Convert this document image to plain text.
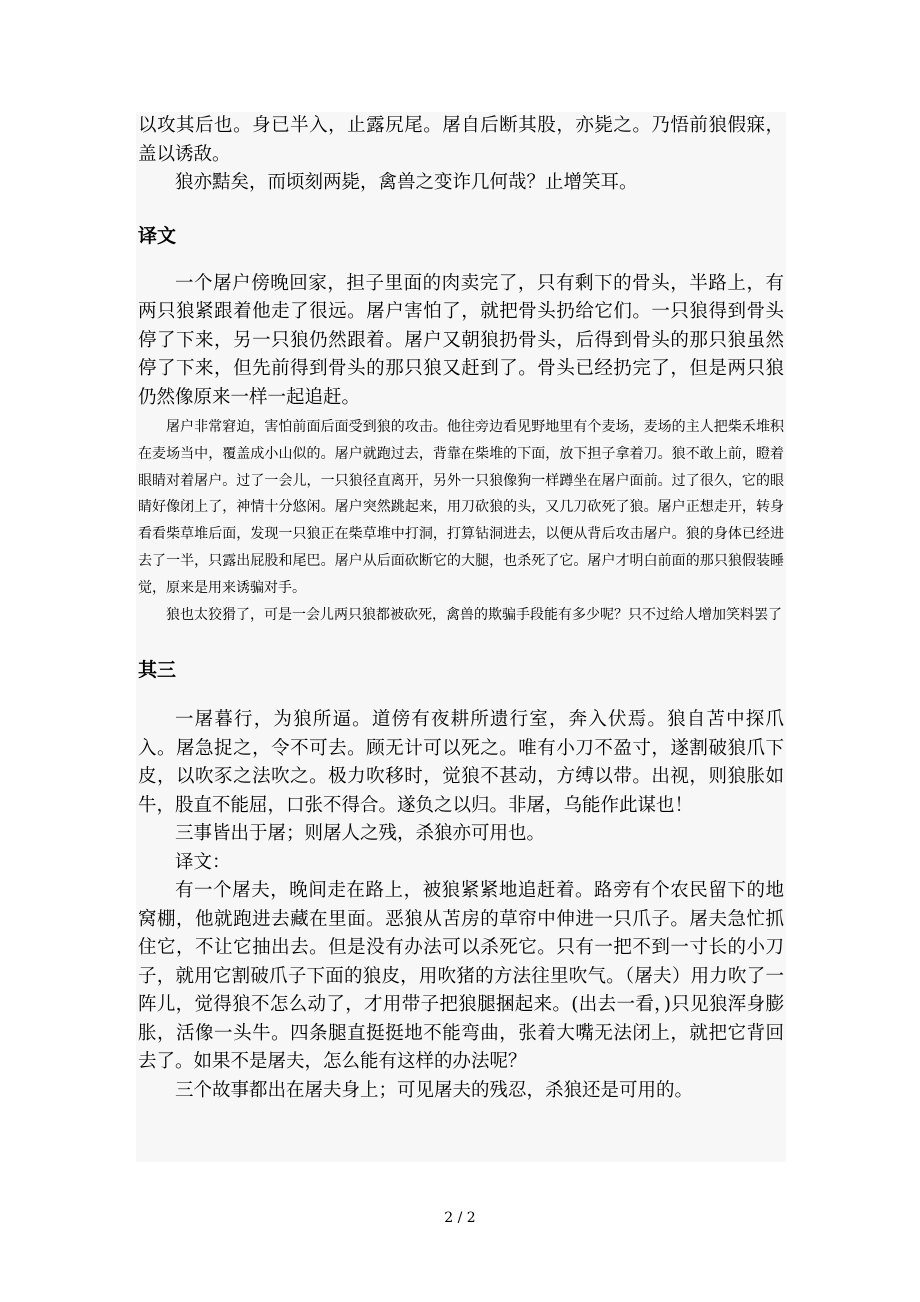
以攻其后也。身已半入，止露尻尾。屠自后断其股，亦毙之。乃悟前狼假寐，盖以诱敌。

狼亦黠矣，而顷刻两毙，禽兽之变诈几何哉？止增笑耳。

译文

一个屠户傍晚回家，担子里面的肉卖完了，只有剩下的骨头，半路上，有两只狼紧跟着他走了很远。屠户害怕了，就把骨头扔给它们。一只狼得到骨头停了下来，另一只狼仍然跟着。屠户又朝狼扔骨头，后得到骨头的那只狼虽然停了下来，但先前得到骨头的那只狼又赶到了。骨头已经扔完了，但是两只狼仍然像原来一样一起追赶。

屠户非常窘迫，害怕前面后面受到狼的攻击。他往旁边看见野地里有个麦场，麦场的主人把柴禾堆积在麦场当中，覆盖成小山似的。屠户就跑过去，背靠在柴堆的下面，放下担子拿着刀。狼不敢上前，瞪着眼睛对着屠户。过了一会儿，一只狼径直离开，另外一只狼像狗一样蹲坐在屠户面前。过了很久，它的眼睛好像闭上了，神情十分悠闲。屠户突然跳起来，用刀砍狼的头，又几刀砍死了狼。屠户正想走开，转身看看柴草堆后面，发现一只狼正在柴草堆中打洞，打算钻洞进去，以便从背后攻击屠户。狼的身体已经进去了一半，只露出屁股和尾巴。屠户从后面砍断它的大腿，也杀死了它。屠户才明白前面的那只狼假装睡觉，原来是用来诱骗对手。

狼也太狡猾了，可是一会儿两只狼都被砍死，禽兽的欺骗手段能有多少呢？只不过给人增加笑料罢了

其三

一屠暮行，为狼所逼。道傍有夜耕所遗行室，奔入伏焉。狼自苫中探爪入。屠急捉之，令不可去。顾无计可以死之。唯有小刀不盈寸，遂割破狼爪下皮，以吹豕之法吹之。极力吹移时，觉狼不甚动，方缚以带。出视，则狼胀如牛，股直不能屈，口张不得合。遂负之以归。非屠，乌能作此谋也！

三事皆出于屠；则屠人之残，杀狼亦可用也。

译文：

有一个屠夫，晚间走在路上，被狼紧紧地追赶着。路旁有个农民留下的地窝棚，他就跑进去藏在里面。恶狼从苫房的草帘中伸进一只爪子。屠夫急忙抓住它，不让它抽出去。但是没有办法可以杀死它。只有一把不到一寸长的小刀子，就用它割破爪子下面的狼皮，用吹猪的方法往里吹气。（屠夫）用力吹了一阵儿，觉得狼不怎么动了，才用带子把狼腿捆起来。(出去一看，)只见狼浑身膨胀，活像一头牛。四条腿直挺挺地不能弯曲，张着大嘴无法闭上，就把它背回去了。如果不是屠夫，怎么能有这样的办法呢？

三个故事都出在屠夫身上；可见屠夫的残忍，杀狼还是可用的。

2 / 2
